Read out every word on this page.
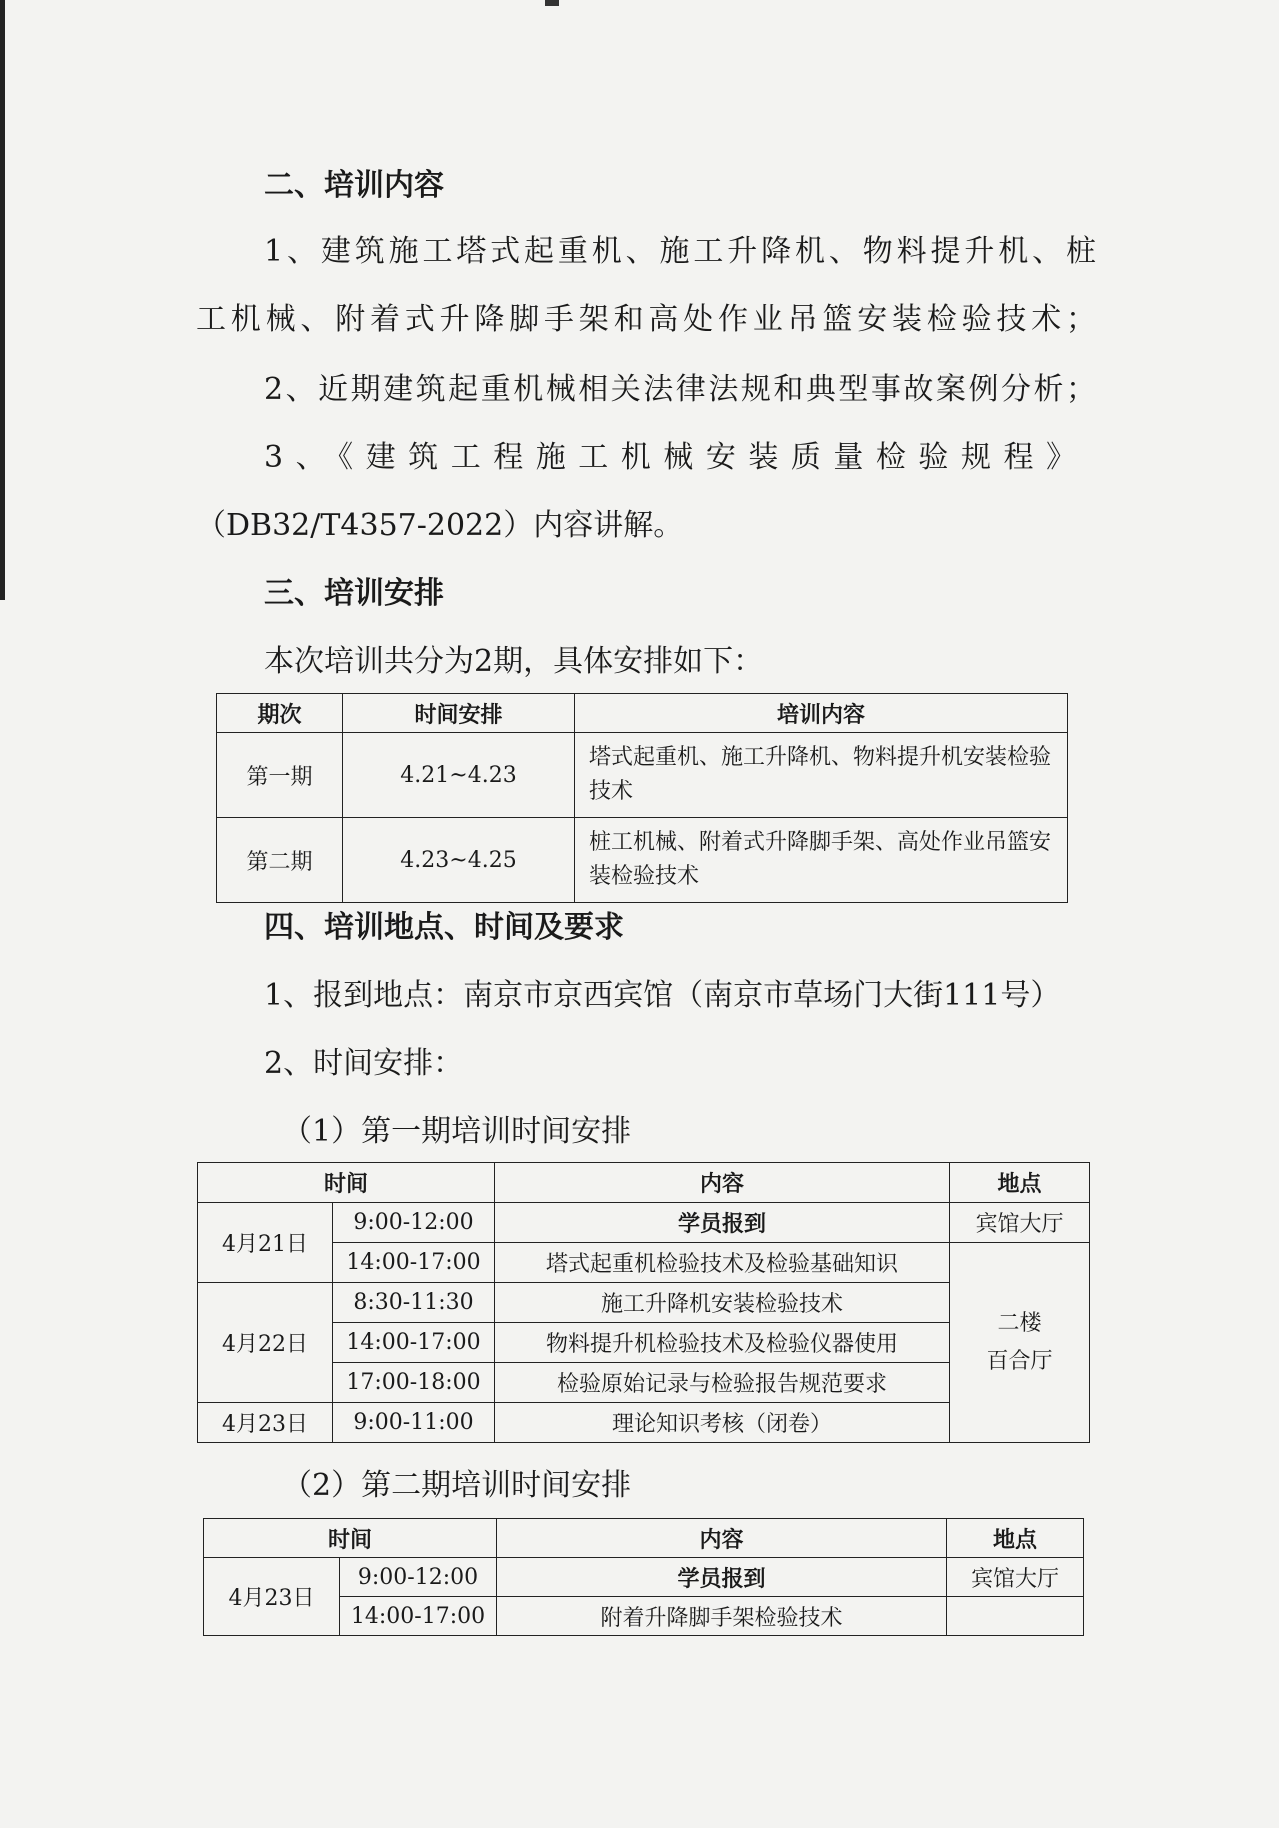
二、培训内容
1、建筑施工塔式起重机、施工升降机、物料提升机、桩
工机械、附着式升降脚手架和高处作业吊篮安装检验技术；
2、近期建筑起重机械相关法律法规和典型事故案例分析；
3、《建筑工程施工机械安装质量检验规程》
（DB32/T4357-2022）内容讲解。
三、培训安排
本次培训共分为2期，具体安排如下：
期次	时间安排	培训内容
第一期	4.21~4.23	塔式起重机、施工升降机、物料提升机安装检验技术
第二期	4.23~4.25	桩工机械、附着式升降脚手架、高处作业吊篮安装检验技术
四、培训地点、时间及要求
1、报到地点：南京市京西宾馆（南京市草场门大街111号）
2、时间安排：
（1）第一期培训时间安排
时间		内容	地点
4月21日	9:00-12:00	学员报到	宾馆大厅
	14:00-17:00	塔式起重机检验技术及检验基础知识	二楼
百合厅
4月22日	8:30-11:30	施工升降机安装检验技术	
	14:00-17:00	物料提升机检验技术及检验仪器使用	
	17:00-18:00	检验原始记录与检验报告规范要求	
4月23日	9:00-11:00	理论知识考核（闭卷）	
（2）第二期培训时间安排
时间		内容	地点
4月23日	9:00-12:00	学员报到	宾馆大厅
	14:00-17:00	附着升降脚手架检验技术	
